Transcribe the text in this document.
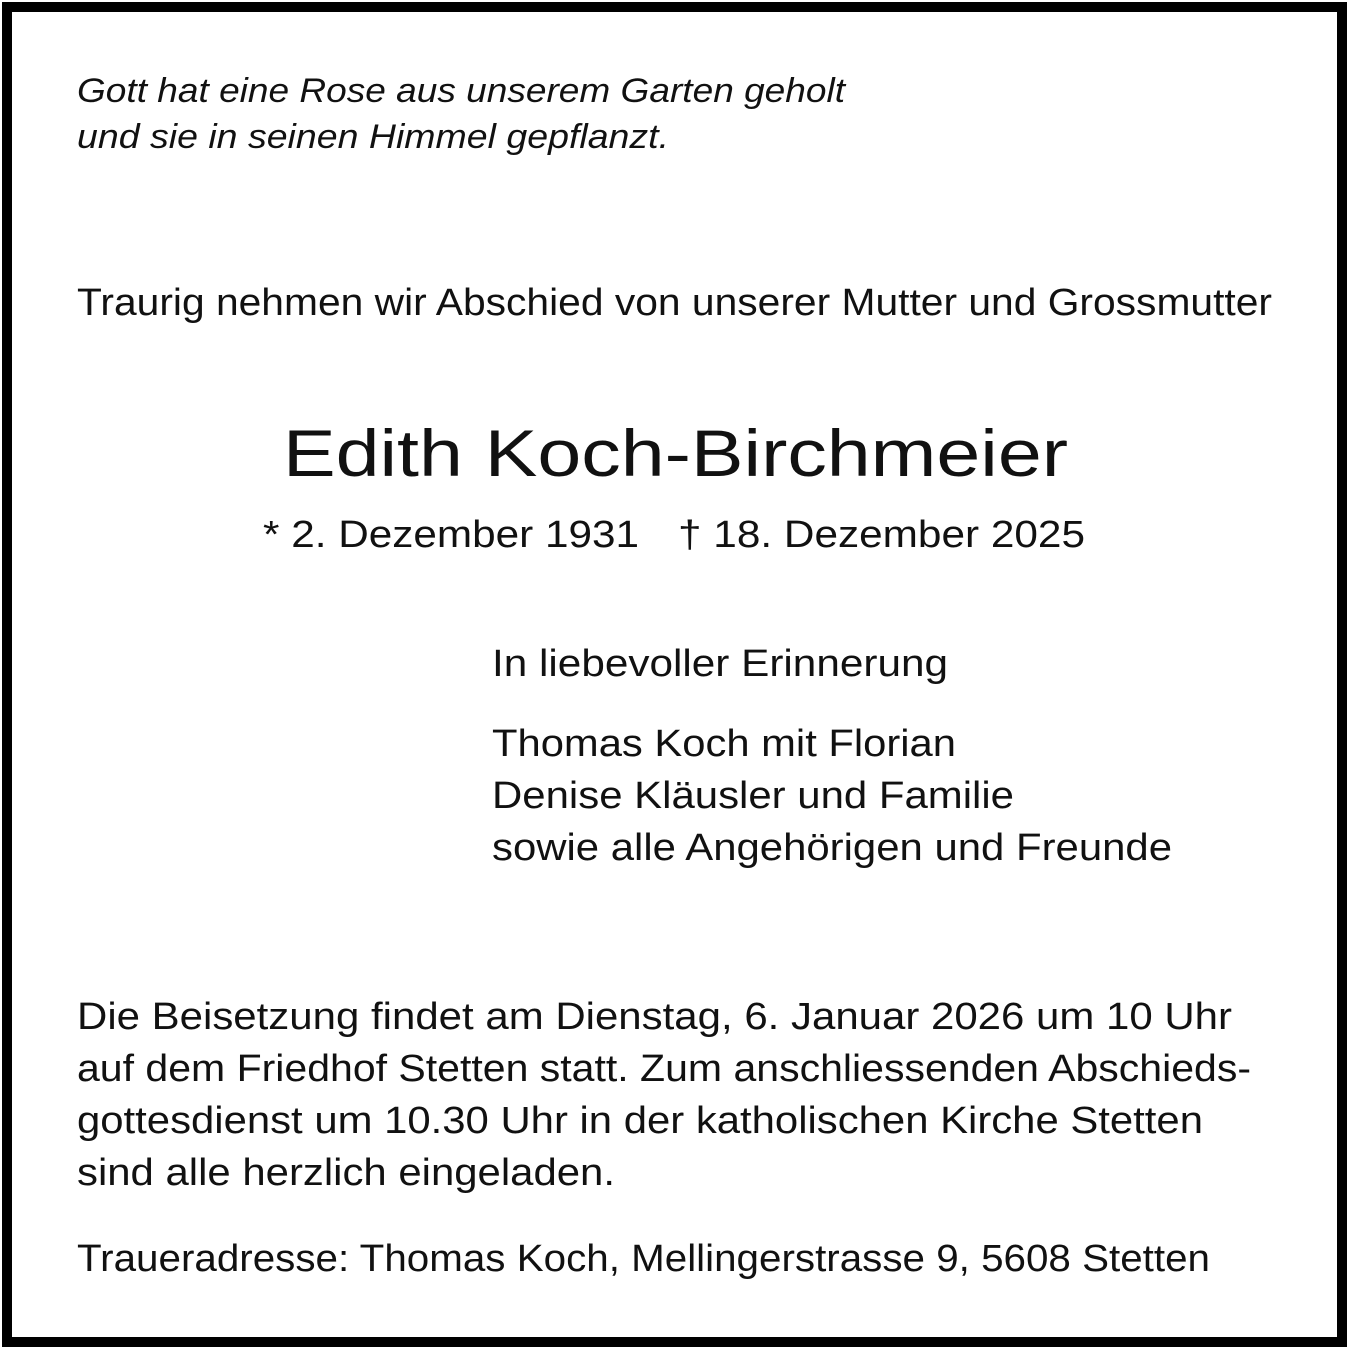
Gott hat eine Rose aus unserem Garten geholt
und sie in seinen Himmel gepflanzt.
Traurig nehmen wir Abschied von unserer Mutter und Grossmutter
Edith Koch-Birchmeier
* 2. Dezember 1931 † 18. Dezember 2025
In liebevoller Erinnerung
Thomas Koch mit Florian
Denise Kläusler und Familie
sowie alle Angehörigen und Freunde
Die Beisetzung findet am Dienstag, 6. Januar 2026 um 10 Uhr
auf dem Friedhof Stetten statt. Zum anschliessenden Abschieds-
gottesdienst um 10.30 Uhr in der katholischen Kirche Stetten
sind alle herzlich eingeladen.
Traueradresse: Thomas Koch, Mellingerstrasse 9, 5608 Stetten
